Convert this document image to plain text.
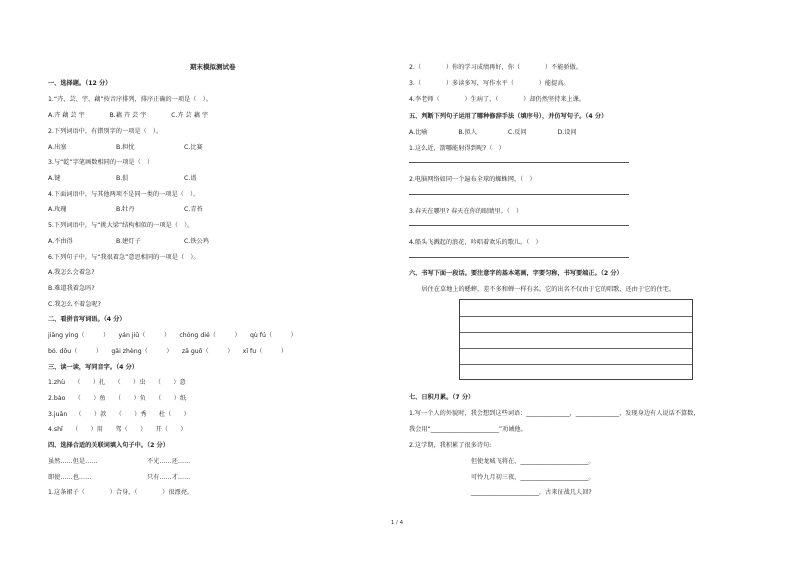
期末模拟测试卷
一、选择题。（12 分）
1.“卉、芸、宇、藕”按音序排列，排序正确的一项是（　）。
A.卉 藕 芸 宇　　　　B.藕 卉 芸 宇　　　　C.卉 芸 藕 宇
2.下列词语中，有错别字的一项是（　）。
A.出塞　　　　　　　　B.担忧　　　　　　　　C.比赛
3.与“乾”字笔画数相同的一项是（　）
A.键　　　　　　　　　B.俱　　　　　　　　　C.谱
4.下面词语中，与其他两项不是同一类的一项是（　）。
A.玫瑰　　　　　　　　B.牡丹　　　　　　　　C.青苔
5.下列词语中，与“挑大梁”结构相似的一项是（　）。
A.不由得　　　　　　　B.建灯子　　　　　　　C.铁公鸡
6.下列句子中，与“我很着急”意思相同的一项是（　）。
A.我怎么会着急?
B.难道我着急吗?
C.我怎么不着急呢?
二、看拼音写词语。（4 分）
jiāng yìng（　　　）　　yán jiū（　　　）　　chóng dié（　　　）　　qù fú（　　　）
bó. dōu（　　　）　　gǎi zhèng（　　　）　　zā guō（　　　）　　xī fu（　　　）
三、读一读，写同音字。（4 分）
1.zhù　　（　　）扎　　（　　）虫　　（　　）意
2.bào　　（　　）鱼　　（　　）负　　（　　）纸
3.juān　 （　　）款　　（　　）秀　　杜（　　）
4.shǐ　　（　　）用　　驾（　　）　　开（　　）
四、选择合适的关联词填入句子中。（2 分）
虽然……但是……　　　　　　　　不光……还……
即使……也……　　　　　　　　　只有……才……
1.这条裙子（　　　　）合身，（　　　　）很漂亮。
2.（　　　　）你的学习成绩再好，你（　　　　）不能骄傲。
3.（　　　　）多读多写，写作水平（　　　　）能提高。
4.李老师（　　　　）生病了，（　　　　）却仍然坚持来上课。
五、判断下列句子运用了哪种修辞手法（填序号），并仿写句子。（4 分）
A.比喻　　　　　B.拟人　　　　　C.反问　　　　　D.设问
1.这么近，箭哪能射得到呢?（　）
2.电脑网络如同一个遍布全球的蜘蛛网。（　）
3.春天在哪里? 春天在你的眼睛里。（　）
4.船头飞溅起的浪花，吟唱着欢乐的歌儿。（　）
六、书写下面一段话。要注意字的基本笔画，字要匀称，书写要端正。（2 分）
　　居住在草地上的蟋蟀，差不多和蝉一样有名。它的出名不仅由于它的唱歌，还由于它的住宅。
七、日积月累。（7 分）
1.写一个人的外貌时，我会想到这些词语：______________，______________，发现身边有人说话不算数，
我会用“______________________”劝诫他。
2.这学期，我积累了很多诗句:
　　　　　　　　　　但使龙城飞将在，______________________。
　　　　　　　　　　可怜九月初三夜，______________________。
　　　　　　　　　　______________________，古来征战几人回?
1 / 4
